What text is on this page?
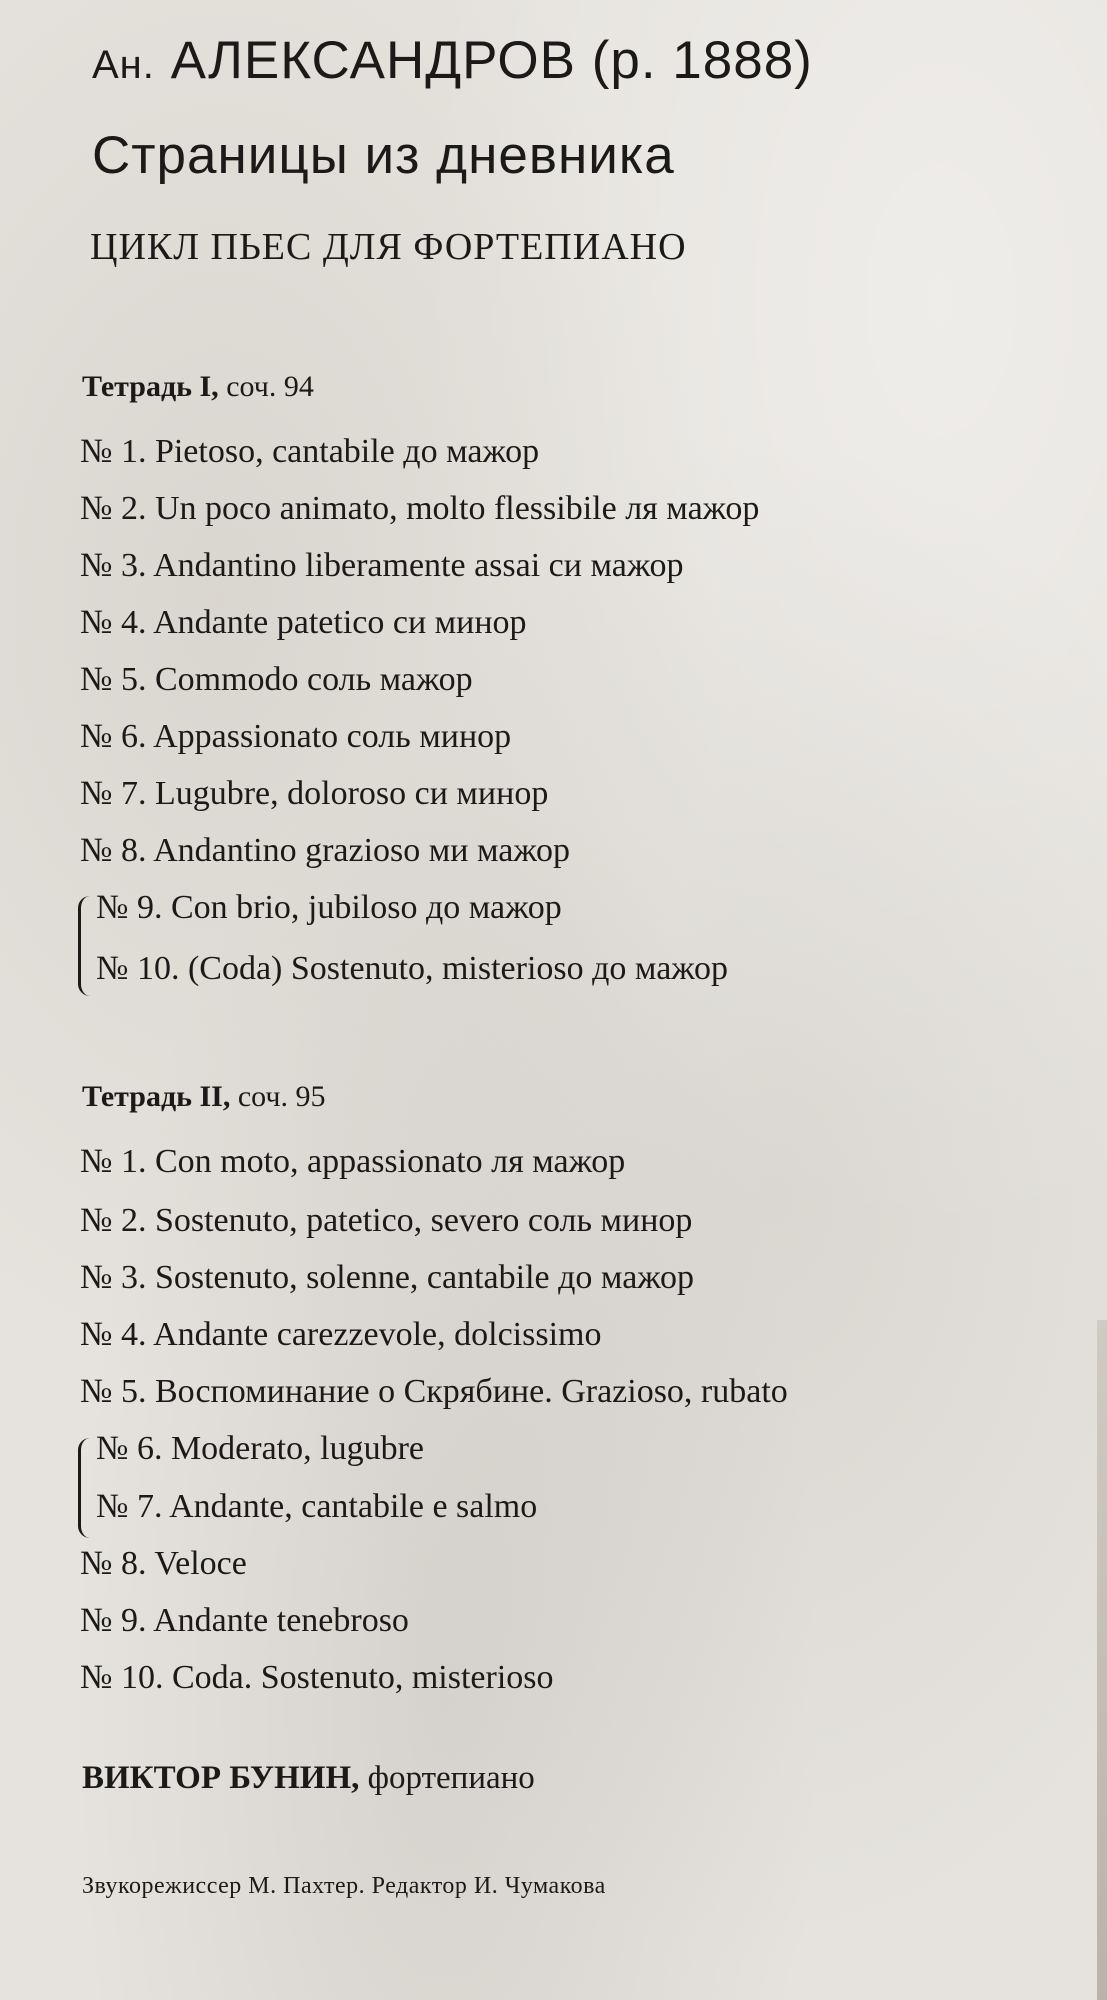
Ан. АЛЕКСАНДРОВ (р. 1888)
Страницы из дневника
ЦИКЛ ПЬЕС ДЛЯ ФОРТЕПИАНО
Тетрадь I, соч. 94
№ 1. Pietoso, cantabile до мажор
№ 2. Un poco animato, molto flessibile ля мажор
№ 3. Andantino liberamente assai си мажор
№ 4. Andante patetico си минор
№ 5. Commodo соль мажор
№ 6. Appassionato соль минор
№ 7. Lugubre, doloroso си минор
№ 8. Andantino grazioso ми мажор
№ 9. Con brio, jubiloso до мажор
№ 10. (Coda) Sostenuto, misterioso до мажор
Тетрадь II, соч. 95
№ 1. Con moto, appassionato ля мажор
№ 2. Sostenuto, patetico, severo соль минор
№ 3. Sostenuto, solenne, cantabile до мажор
№ 4. Andante carezzevole, dolcissimo
№ 5. Воспоминание о Скрябине. Grazioso, rubato
№ 6. Moderato, lugubre
№ 7. Andante, cantabile e salmo
№ 8. Veloce
№ 9. Andante tenebroso
№ 10. Coda. Sostenuto, misterioso
ВИКТОР БУНИН, фортепиано
Звукорежиссер М. Пахтер. Редактор И. Чумакова
